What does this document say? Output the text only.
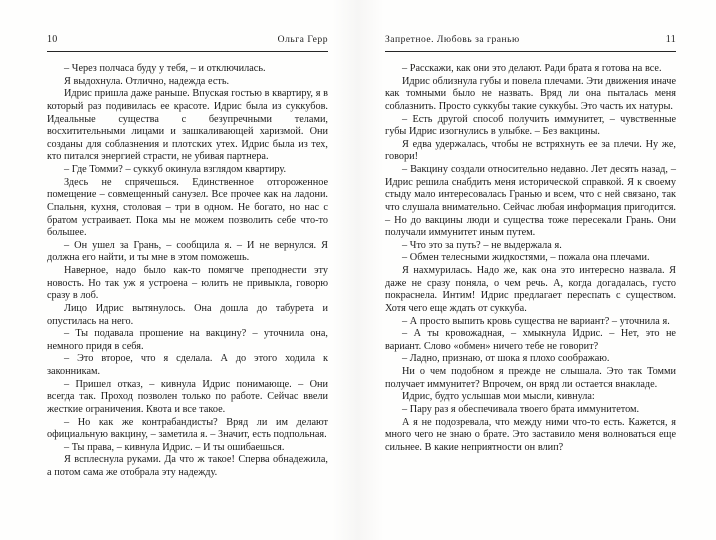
10	Ольга Герр

– Через полчаса буду у тебя, – и отключилась.

Я выдохнула. Отлично, надежда есть.

Идрис пришла даже раньше. Впуская гостью в квартиру, я в который раз подивилась ее красоте. Идрис была из суккубов. Идеальные существа с безупречными телами, восхитительными лицами и зашкаливающей харизмой. Они созданы для соблазнения и плотских утех. Идрис была из тех, кто питался энергией страсти, не убивая партнера.

– Где Томми? – суккуб окинула взглядом квартиру.

Здесь не спрячешься. Единственное отгороженное помещение – совмещенный санузел. Все прочее как на ладони. Спальня, кухня, столовая – три в одном. Не богато, но нас с братом устраивает. Пока мы не можем позволить себе что-то большее.

– Он ушел за Грань, – сообщила я. – И не вернулся. Я должна его найти, и ты мне в этом поможешь.

Наверное, надо было как-то помягче преподнести эту новость. Но так уж я устроена – юлить не привыкла, говорю сразу в лоб.

Лицо Идрис вытянулось. Она дошла до табурета и опустилась на него.

– Ты подавала прошение на вакцину? – уточнила она, немного придя в себя.

– Это второе, что я сделала. А до этого ходила к законникам.

– Пришел отказ, – кивнула Идрис понимающе. – Они всегда так. Проход позволен только по работе. Сейчас ввели жесткие ограничения. Квота и все такое.

– Но как же контрабандисты? Вряд ли им делают официальную вакцину, – заметила я. – Значит, есть подпольная.

– Ты права, – кивнула Идрис. – И ты ошибаешься.

Я всплеснула руками. Да что ж такое! Сперва обнадежила, а потом сама же отобрала эту надежду.

Запретное. Любовь за гранью	11

– Расскажи, как они это делают. Ради брата я готова на все.

Идрис облизнула губы и повела плечами. Эти движения иначе как томными было не назвать. Вряд ли она пыталась меня соблазнить. Просто суккубы такие суккубы. Это часть их натуры.

– Есть другой способ получить иммунитет, – чувственные губы Идрис изогнулись в улыбке. – Без вакцины.

Я едва удержалась, чтобы не встряхнуть ее за плечи. Ну же, говори!

– Вакцину создали относительно недавно. Лет десять назад, – Идрис решила снабдить меня исторической справкой. Я к своему стыду мало интересовалась Гранью и всем, что с ней связано, так что слушала внимательно. Сейчас любая информация пригодится. – Но до вакцины люди и существа тоже пересекали Грань. Они получали иммунитет иным путем.

– Что это за путь? – не выдержала я.

– Обмен телесными жидкостями, – пожала она плечами.

Я нахмурилась. Надо же, как она это интересно назвала. Я даже не сразу поняла, о чем речь. А, когда догадалась, густо покраснела. Интим! Идрис предлагает переспать с существом. Хотя чего еще ждать от суккуба.

– А просто выпить кровь существа не вариант? – уточнила я.

– А ты кровожадная, – хмыкнула Идрис. – Нет, это не вариант. Слово «обмен» ничего тебе не говорит?

– Ладно, признаю, от шока я плохо соображаю.

Ни о чем подобном я прежде не слышала. Это так Томми получает иммунитет? Впрочем, он вряд ли остается внакладе.

Идрис, будто услышав мои мысли, кивнула:

– Пару раз я обеспечивала твоего брата иммунитетом.

А я не подозревала, что между ними что-то есть. Кажется, я много чего не знаю о брате. Это заставило меня волноваться еще сильнее. В какие неприятности он влип?
